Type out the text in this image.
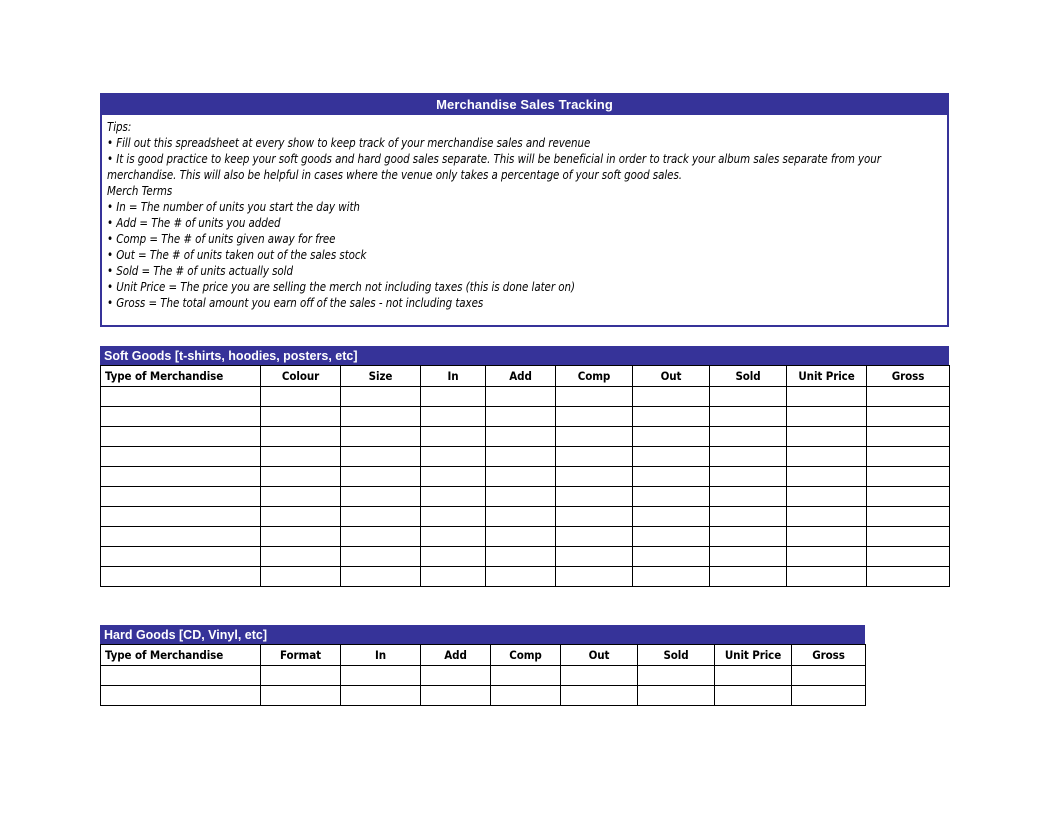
Merchandise Sales Tracking
Tips:
• Fill out this spreadsheet at every show to keep track of your merchandise sales and revenue
• It is good practice to keep your soft goods and hard good sales separate. This will be beneficial in order to track your album sales separate from your merchandise. This will also be helpful in cases where the venue only takes a percentage of your soft good sales.
Merch Terms
• In = The number of units you start the day with
• Add = The # of units you added
• Comp = The # of units given away for free
• Out = The # of units taken out of the sales stock
• Sold = The # of units actually sold
• Unit Price = The price you are selling the merch not including taxes (this is done later on)
• Gross = The total amount you earn off of the sales - not including taxes
Soft Goods [t-shirts, hoodies, posters, etc]
Type of Merchandise	Colour	Size	In	Add	Comp	Out	Sold	Unit Price	Gross

Hard Goods [CD, Vinyl, etc]
Type of Merchandise	Format	In	Add	Comp	Out	Sold	Unit Price	Gross
